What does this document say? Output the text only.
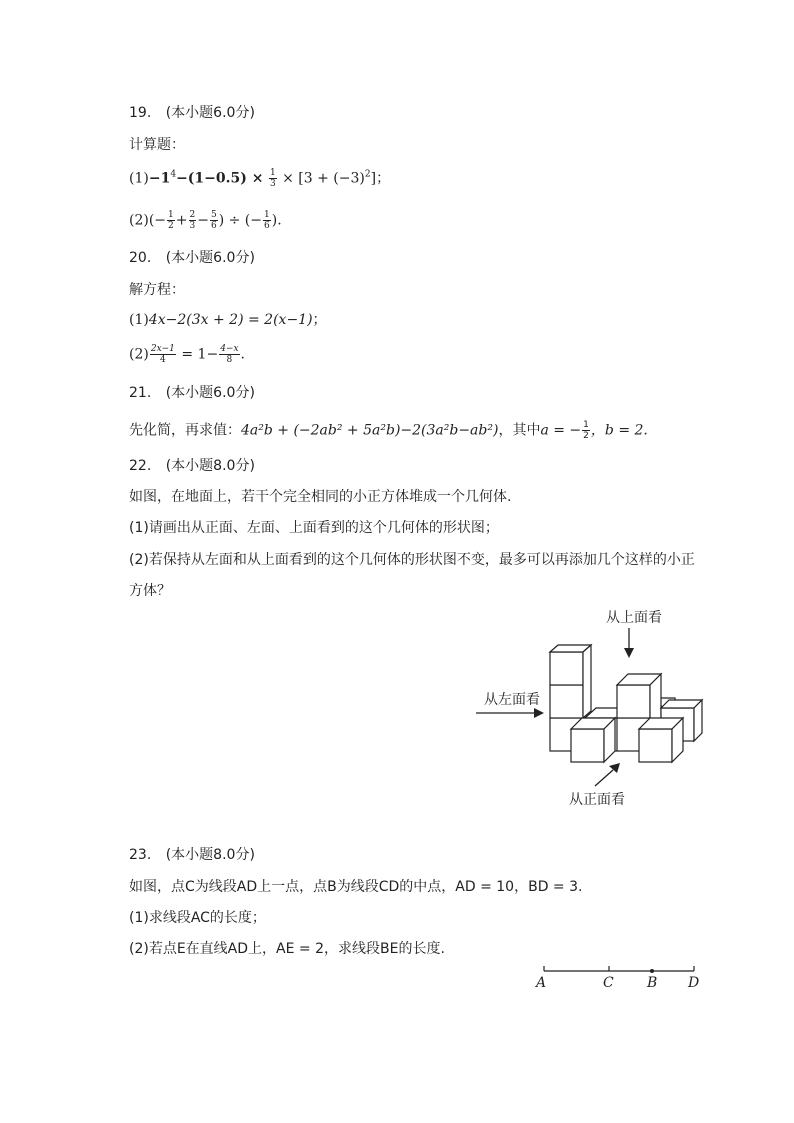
19. (本小题6.0分)
计算题：
$(1)-1^4-(1-0.5) \times \frac{1}{3} \times [3 + (-3)^2]$；
$(2)(- \frac{1}{2} + \frac{2}{3} - \frac{5}{6}$ ) ÷ (− $\frac{1}{6}$ ).
20. (本小题6.0分)
解方程：
(1)4x−2(3x + 2) = 2(x−1)；
$(2) \frac{2x-1}{4} = 1- \frac{4-x}{8}$ .
21. (本小题6.0分)
先化简，再求值：4a²b + (−2ab² + 5a²b)−2(3a²b−ab²)，其中a = − $\frac{1}{2}$ ，b = 2.
22. (本小题8.0分)
如图，在地面上，若干个完全相同的小正方体堆成一个几何体.
(1)请画出从正面、左面、上面看到的这个几何体的形状图；
(2)若保持从左面和从上面看到的这个几何体的形状图不变，最多可以再添加几个这样的小正
方体？
从上面看
从左面看
从正面看
23. (本小题8.0分)
如图，点C为线段AD上一点，点B为线段CD的中点，AD = 10，BD = 3.
(1)求线段AC的长度；
(2)若点E在直线AD上，AE = 2，求线段BE的长度.
A	C B D
